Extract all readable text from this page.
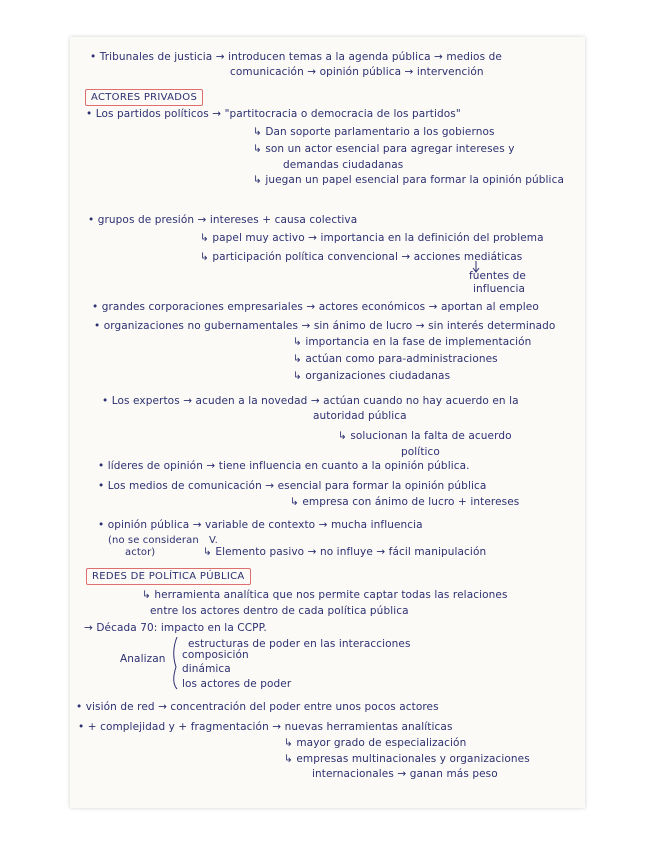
• Tribunales de justicia → introducen temas a la agenda pública → medios de
comunicación → opinión pública → intervención
ACTORES PRIVADOS
• Los partidos políticos → "partitocracia o democracia de los partidos"
↳ Dan soporte parlamentario a los gobiernos
↳ son un actor esencial para agregar intereses y
demandas ciudadanas
↳ juegan un papel esencial para formar la opinión pública
• grupos de presión → intereses + causa colectiva
↳ papel muy activo → importancia en la definición del problema
↳ participación política convencional → acciones mediáticas
fuentes de
influencia
• grandes corporaciones empresariales → actores económicos → aportan al empleo
• organizaciones no gubernamentales → sin ánimo de lucro → sin interés determinado
↳ importancia en la fase de implementación
↳ actúan como para-administraciones
↳ organizaciones ciudadanas
• Los expertos → acuden a la novedad → actúan cuando no hay acuerdo en la
autoridad pública
↳ solucionan la falta de acuerdo
político
• líderes de opinión → tiene influencia en cuanto a la opinión pública.
• Los medios de comunicación → esencial para formar la opinión pública
↳ empresa con ánimo de lucro + intereses
• opinión pública → variable de contexto → mucha influencia
(no se consideran V.
actor)	↳ Elemento pasivo → no influye → fácil manipulación
REDES DE POLÍTICA PÚBLICA
↳ herramienta analítica que nos permite captar todas las relaciones
entre los actores dentro de cada política pública
→ Década 70: impacto en la CCPP.
estructuras de poder en las interacciones
Analizan composición
dinámica
los actores de poder
• visión de red → concentración del poder entre unos pocos actores
• + complejidad y + fragmentación → nuevas herramientas analíticas
↳ mayor grado de especialización
↳ empresas multinacionales y organizaciones
internacionales → ganan más peso
